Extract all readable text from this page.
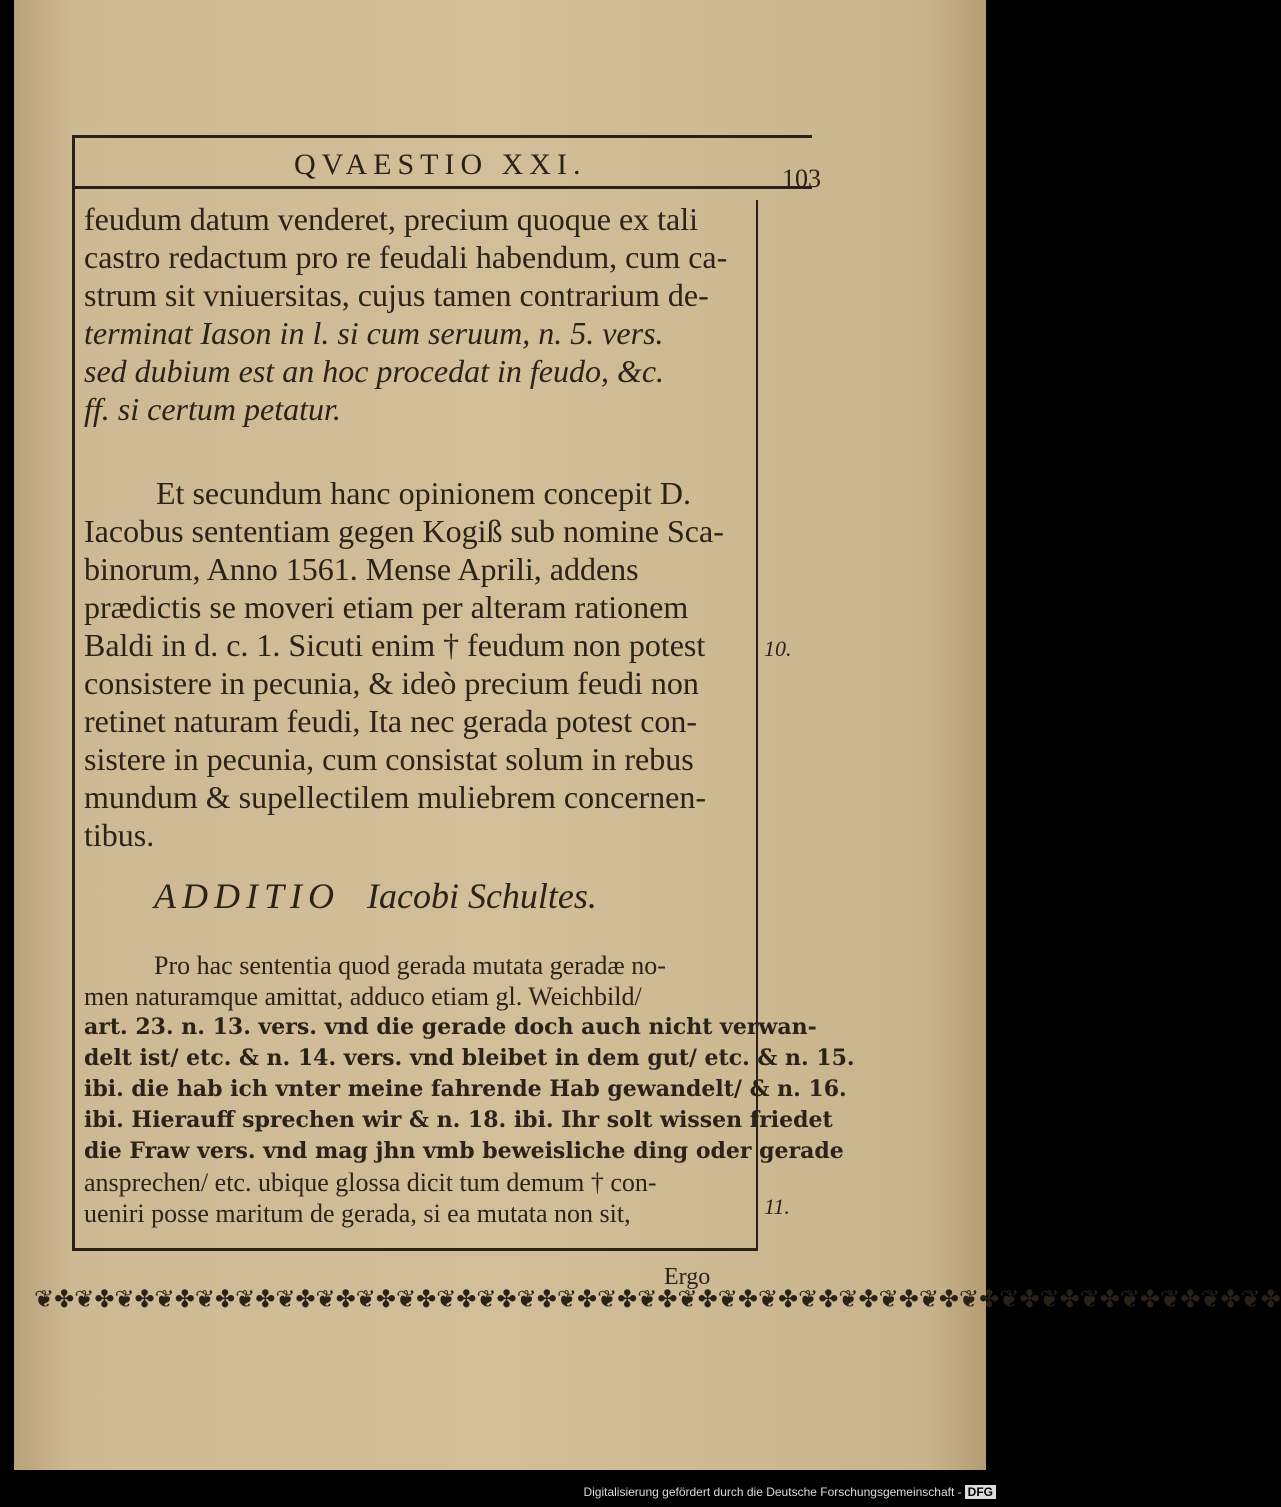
QVAESTIO XXI.	103
feudum datum venderet, precium quoque ex tali
castro redactum pro re feudali habendum, cum ca-
strum sit vniuersitas, cujus tamen contrarium de-
terminat Iason in l. si cum seruum, n. 5. vers.
sed dubium est an hoc procedat in feudo, &c.
ff. si certum petatur.
Et secundum hanc opinionem concepit D.
Iacobus sententiam gegen Kogiß sub nomine Sca-
binorum, Anno 1561. Mense Aprili, addens
prædictis se moveri etiam per alteram rationem
Baldi in d. c. 1. Sicuti enim † feudum non potest
consistere in pecunia, & ideò precium feudi non
retinet naturam feudi, Ita nec gerada potest con-
sistere in pecunia, cum consistat solum in rebus
mundum & supellectilem muliebrem concernen-
tibus.
10.
ADDITIO Iacobi Schultes.
Pro hac sententia quod gerada mutata geradæ no-
men naturamque amittat, adduco etiam gl. Weichbild/
art. 23. n. 13. vers. vnd die gerade doch auch nicht verwan-
delt ist/ etc. & n. 14. vers. vnd bleibet in dem gut/ etc. & n. 15.
ibi. die hab ich vnter meine fahrende Hab gewandelt/ & n. 16.
ibi. Hierauff sprechen wir & n. 18. ibi. Ihr solt wissen friedet
die Fraw vers. vnd mag jhn vmb beweisliche ding oder gerade
ansprechen/ etc. ubique glossa dicit tum demum † con-
ueniri posse maritum de gerada, si ea mutata non sit,	11.
Ergo
❦✤❦✤❦✤❦✤❦✤❦✤❦✤❦✤❦✤❦✤❦✤❦✤❦✤❦✤❦✤❦✤❦✤❦✤❦✤❦✤❦✤❦✤❦✤❦✤❦✤❦✤❦✤❦✤❦✤❦✤❦✤
Digitalisierung gefördert durch die Deutsche Forschungsgemeinschaft - DFG
